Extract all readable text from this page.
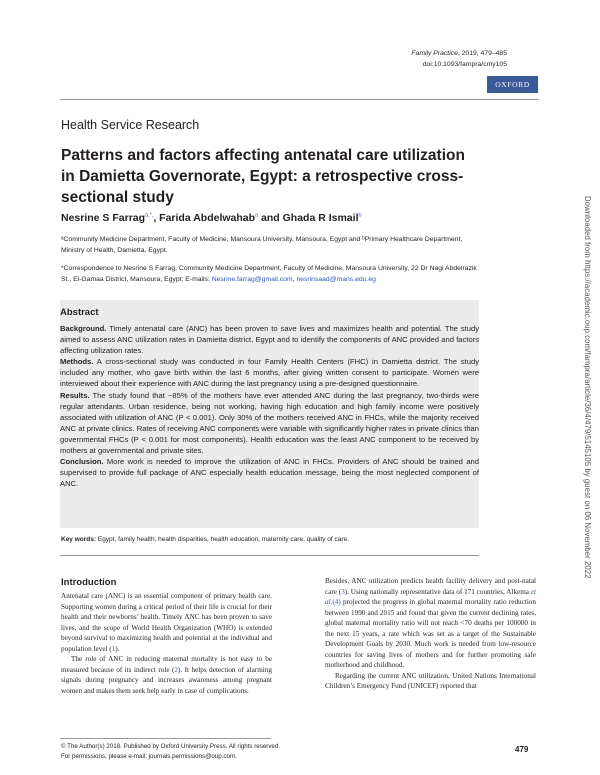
Family Practice, 2019, 479–485
doi:10.1093/fampra/cmy105
OXFORD
Health Service Research
Patterns and factors affecting antenatal care utilization in Damietta Governorate, Egypt: a retrospective cross-sectional study
Nesrine S Farrag$^{a,*,}$, Farida Abdelwahab$^a$ and Ghada R Ismail$^b$
ᵃCommunity Medicine Department, Faculty of Medicine, Mansoura University, Mansoura, Egypt and ᵇPrimary Healthcare Department, Ministry of Health, Damietta, Egypt.
*Correspondence to Nesrine S Farrag, Community Medicine Department, Faculty of Medicine, Mansoura University, 22 Dr Nagi Abdelrazik St., El-Gamaa District, Mansoura, Egypt; E-mails: Nesrine.farrag@gmail.com, nesrinsaad@mans.edu.eg
Abstract

Background. Timely antenatal care (ANC) has been proven to save lives and maximizes health and potential. The study aimed to assess ANC utilization rates in Damietta district, Egypt and to identify the components of ANC provided and factors affecting utilization rates.

Methods. A cross-sectional study was conducted in four Family Health Centers (FHC) in Damietta district. The study included any mother, who gave birth within the last 6 months, after giving written consent to participate. Women were interviewed about their experience with ANC during the last pregnancy using a pre-designed questionnaire.

Results. The study found that ~85% of the mothers have ever attended ANC during the last pregnancy, two-thirds were regular attendants. Urban residence, being not working, having high education and high family income were positively associated with utilization of ANC (P < 0.001). Only 30% of the mothers received ANC in FHCs, while the majority received ANC at private clinics. Rates of receiving ANC components were variable with significantly higher rates in private clinics than governmental FHCs (P < 0.001 for most components). Health education was the least ANC component to be received by mothers at governmental and private sites.

Conclusion. More work is needed to improve the utilization of ANC in FHCs. Providers of ANC should be trained and supervised to provide full package of ANC especially health education message, being the most neglected component of ANC.

Key words: Egypt, family health, health disparities, health education, maternity care, quality of care.
Introduction

Antenatal care (ANC) is an essential component of primary health care. Supporting women during a critical period of their life is crucial for their health and their newborns’ health. Timely ANC has been proven to save lives, and the scope of World Health Organization (WHO) is extended beyond survival to maximizing health and potential at the individual and population level (1).

The role of ANC in reducing maternal mortality is not easy to be measured because of its indirect role (2). It helps detection of alarming signals during pregnancy and increases awareness among pregnant women and makes them seek help early in case of complications.

Besides, ANC utilization predicts health facility delivery and post-natal care (3). Using nationally representative data of 171 countries, Alkema et al.(4) projected the progress in global maternal mortality ratio reduction between 1990 and 2015 and found that given the current declining rates, global maternal mortality ratio will not reach <70 deaths per 100000 in the next 15 years, a rate which was set as a target of the Sustainable Development Goals by 2030. Much work is needed from low-resource countries for saving lives of mothers and for further promoting safe motherhood and childhood.

Regarding the current ANC utilization, United Nations International Children’s Emergency Fund (UNICEF) reported that

© The Author(s) 2018. Published by Oxford University Press. All rights reserved.
For permissions, please e-mail: journals.permissions@oup.com.
479
Downloaded from https://academic.oup.com/fampra/article/36/4/479/5145105 by guest on 06 November 2022
